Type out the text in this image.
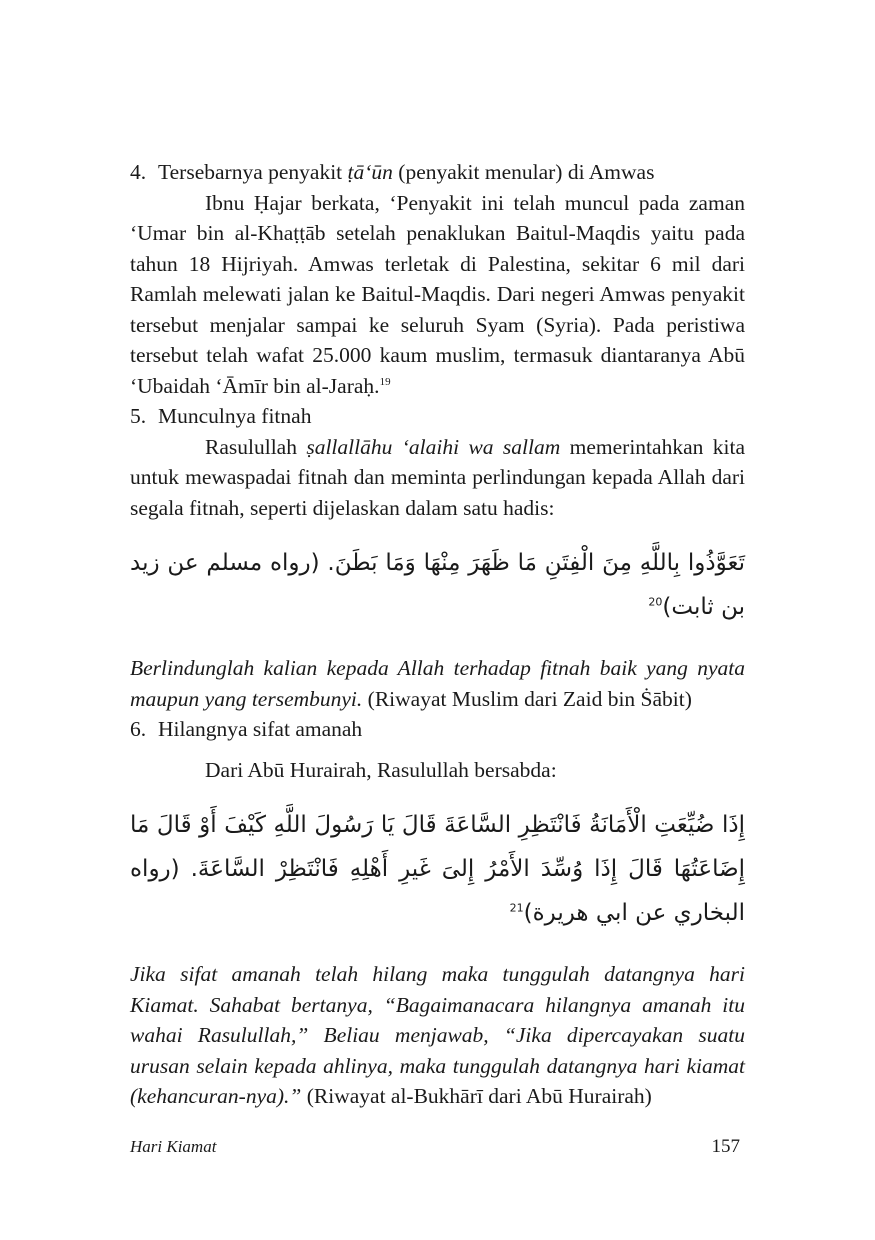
4. Tersebarnya penyakit ṭā‘ūn (penyakit menular) di Amwas

Ibnu Ḥajar berkata, ‘Penyakit ini telah muncul pada zaman ‘Umar bin al-Khaṭṭāb setelah penaklukan Baitul-Maqdis yaitu pada tahun 18 Hijriyah. Amwas terletak di Palestina, sekitar 6 mil dari Ramlah melewati jalan ke Baitul-Maqdis. Dari negeri Amwas penyakit tersebut menjalar sampai ke seluruh Syam (Syria). Pada peristiwa tersebut telah wafat 25.000 kaum muslim, termasuk diantaranya Abū ‘Ubaidah ‘Āmīr bin al-Jaraḥ.$^{19}$

5. Munculnya fitnah

Rasulullah ṣallallāhu ‘alaihi wa sallam memerintahkan kita untuk mewaspadai fitnah dan meminta perlindungan kepada Allah dari segala fitnah, seperti dijelaskan dalam satu hadis:

تَعَوَّذُوا بِاللَّهِ مِنَ الْفِتَنِ مَا ظَهَرَ مِنْهَا وَمَا بَطَنَ. (رواه مسلم عن زيد بن ثابت)$^{20}$

Berlindunglah kalian kepada Allah terhadap fitnah baik yang nyata maupun yang tersembunyi. (Riwayat Muslim dari Zaid bin Ṡābit)

6. Hilangnya sifat amanah

Dari Abū Hurairah, Rasulullah bersabda:

إِذَا ضُيِّعَتِ الْأَمَانَةُ فَانْتَظِرِ السَّاعَةَ قَالَ يَا رَسُولَ اللَّهِ كَيْفَ أَوْ قَالَ مَا إِضَاعَتُهَا قَالَ إِذَا وُسِّدَ الأَمْرُ إِلىَ غَيرِ أَهْلِهِ فَانْتَظِرْ السَّاعَةَ. (رواه البخاري عن ابي هريرة)$^{21}$

Jika sifat amanah telah hilang maka tunggulah datangnya hari Kiamat. Sahabat bertanya, “Bagaimanacara hilangnya amanah itu wahai Rasulullah,” Beliau menjawab, “Jika dipercayakan suatu urusan selain kepada ahlinya, maka tunggulah datangnya hari kiamat (kehancuran-nya).” (Riwayat al-Bukhārī dari Abū Hurairah)

Hari Kiamat	157
